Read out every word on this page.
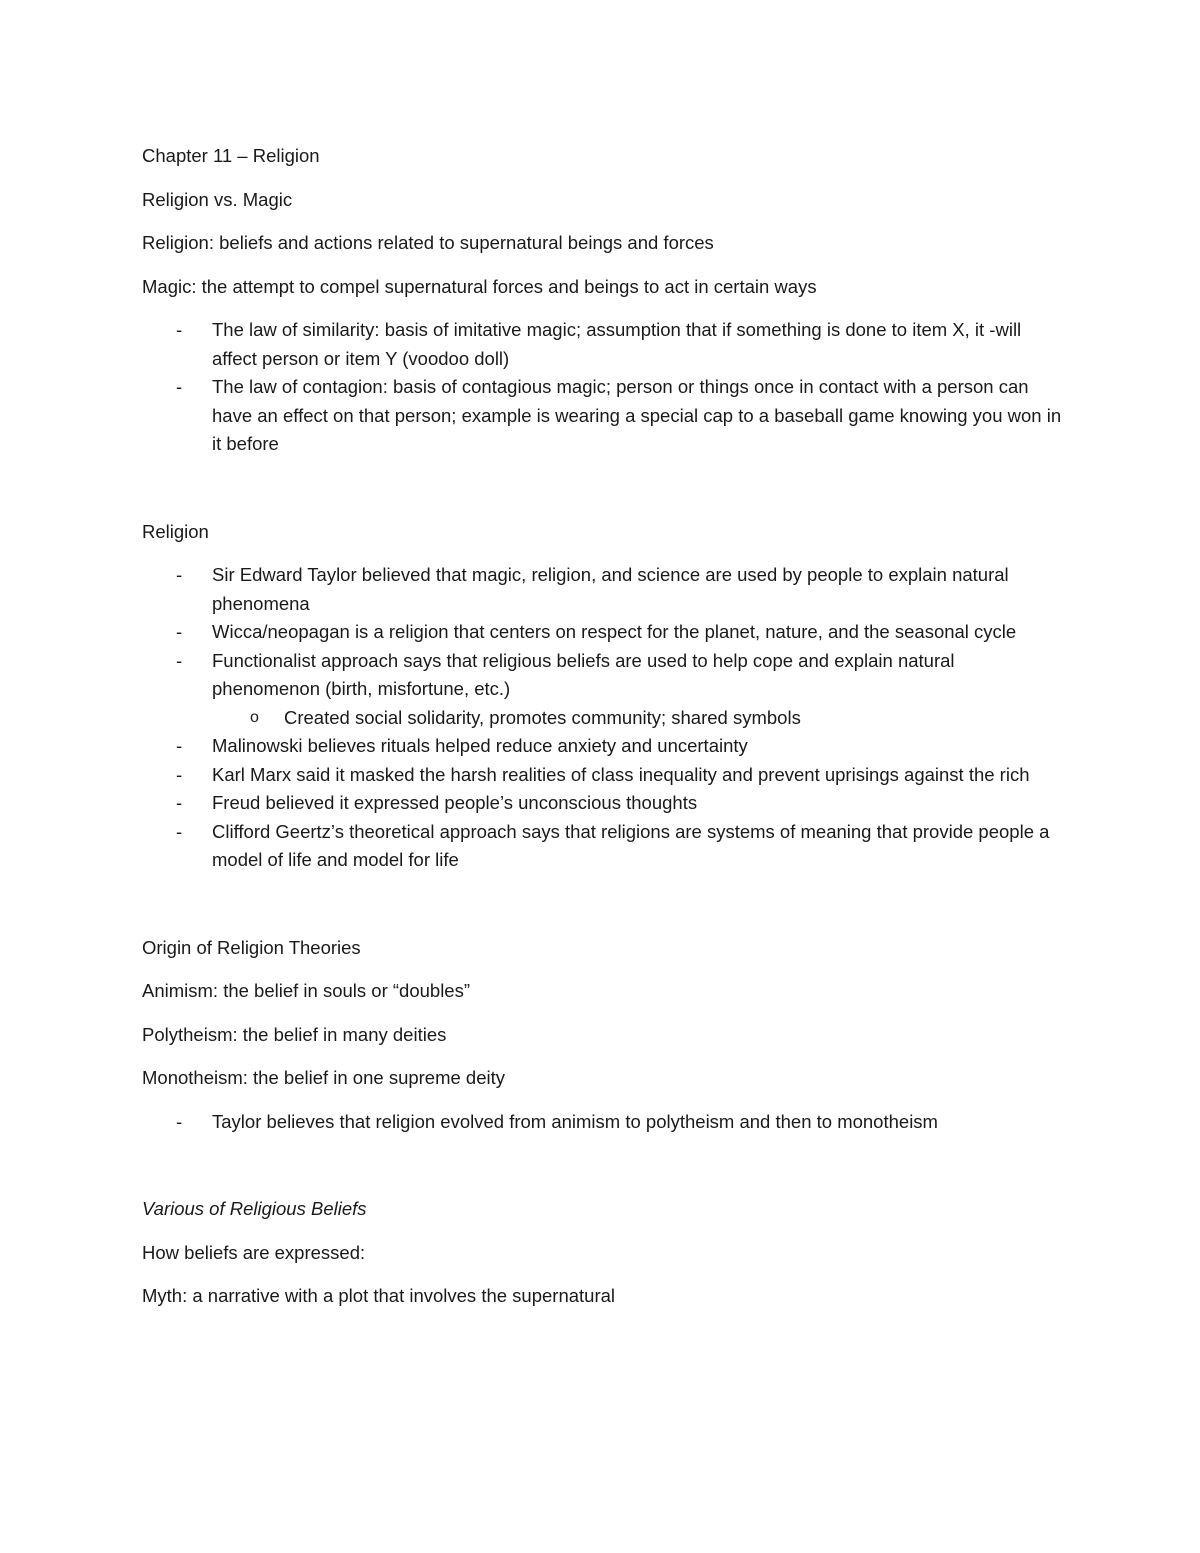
Chapter 11 – Religion

Religion vs. Magic

Religion: beliefs and actions related to supernatural beings and forces

Magic: the attempt to compel supernatural forces and beings to act in certain ways

- The law of similarity: basis of imitative magic; assumption that if something is done to item X, it -will affect person or item Y (voodoo doll)
- The law of contagion: basis of contagious magic; person or things once in contact with a person can have an effect on that person; example is wearing a special cap to a baseball game knowing you won in it before

Religion

- Sir Edward Taylor believed that magic, religion, and science are used by people to explain natural phenomena
- Wicca/neopagan is a religion that centers on respect for the planet, nature, and the seasonal cycle
- Functionalist approach says that religious beliefs are used to help cope and explain natural phenomenon (birth, misfortune, etc.)
o Created social solidarity, promotes community; shared symbols
- Malinowski believes rituals helped reduce anxiety and uncertainty
- Karl Marx said it masked the harsh realities of class inequality and prevent uprisings against the rich
- Freud believed it expressed people’s unconscious thoughts
- Clifford Geertz’s theoretical approach says that religions are systems of meaning that provide people a model of life and model for life

Origin of Religion Theories

Animism: the belief in souls or “doubles”

Polytheism: the belief in many deities

Monotheism: the belief in one supreme deity

- Taylor believes that religion evolved from animism to polytheism and then to monotheism

Various of Religious Beliefs

How beliefs are expressed:

Myth: a narrative with a plot that involves the supernatural
